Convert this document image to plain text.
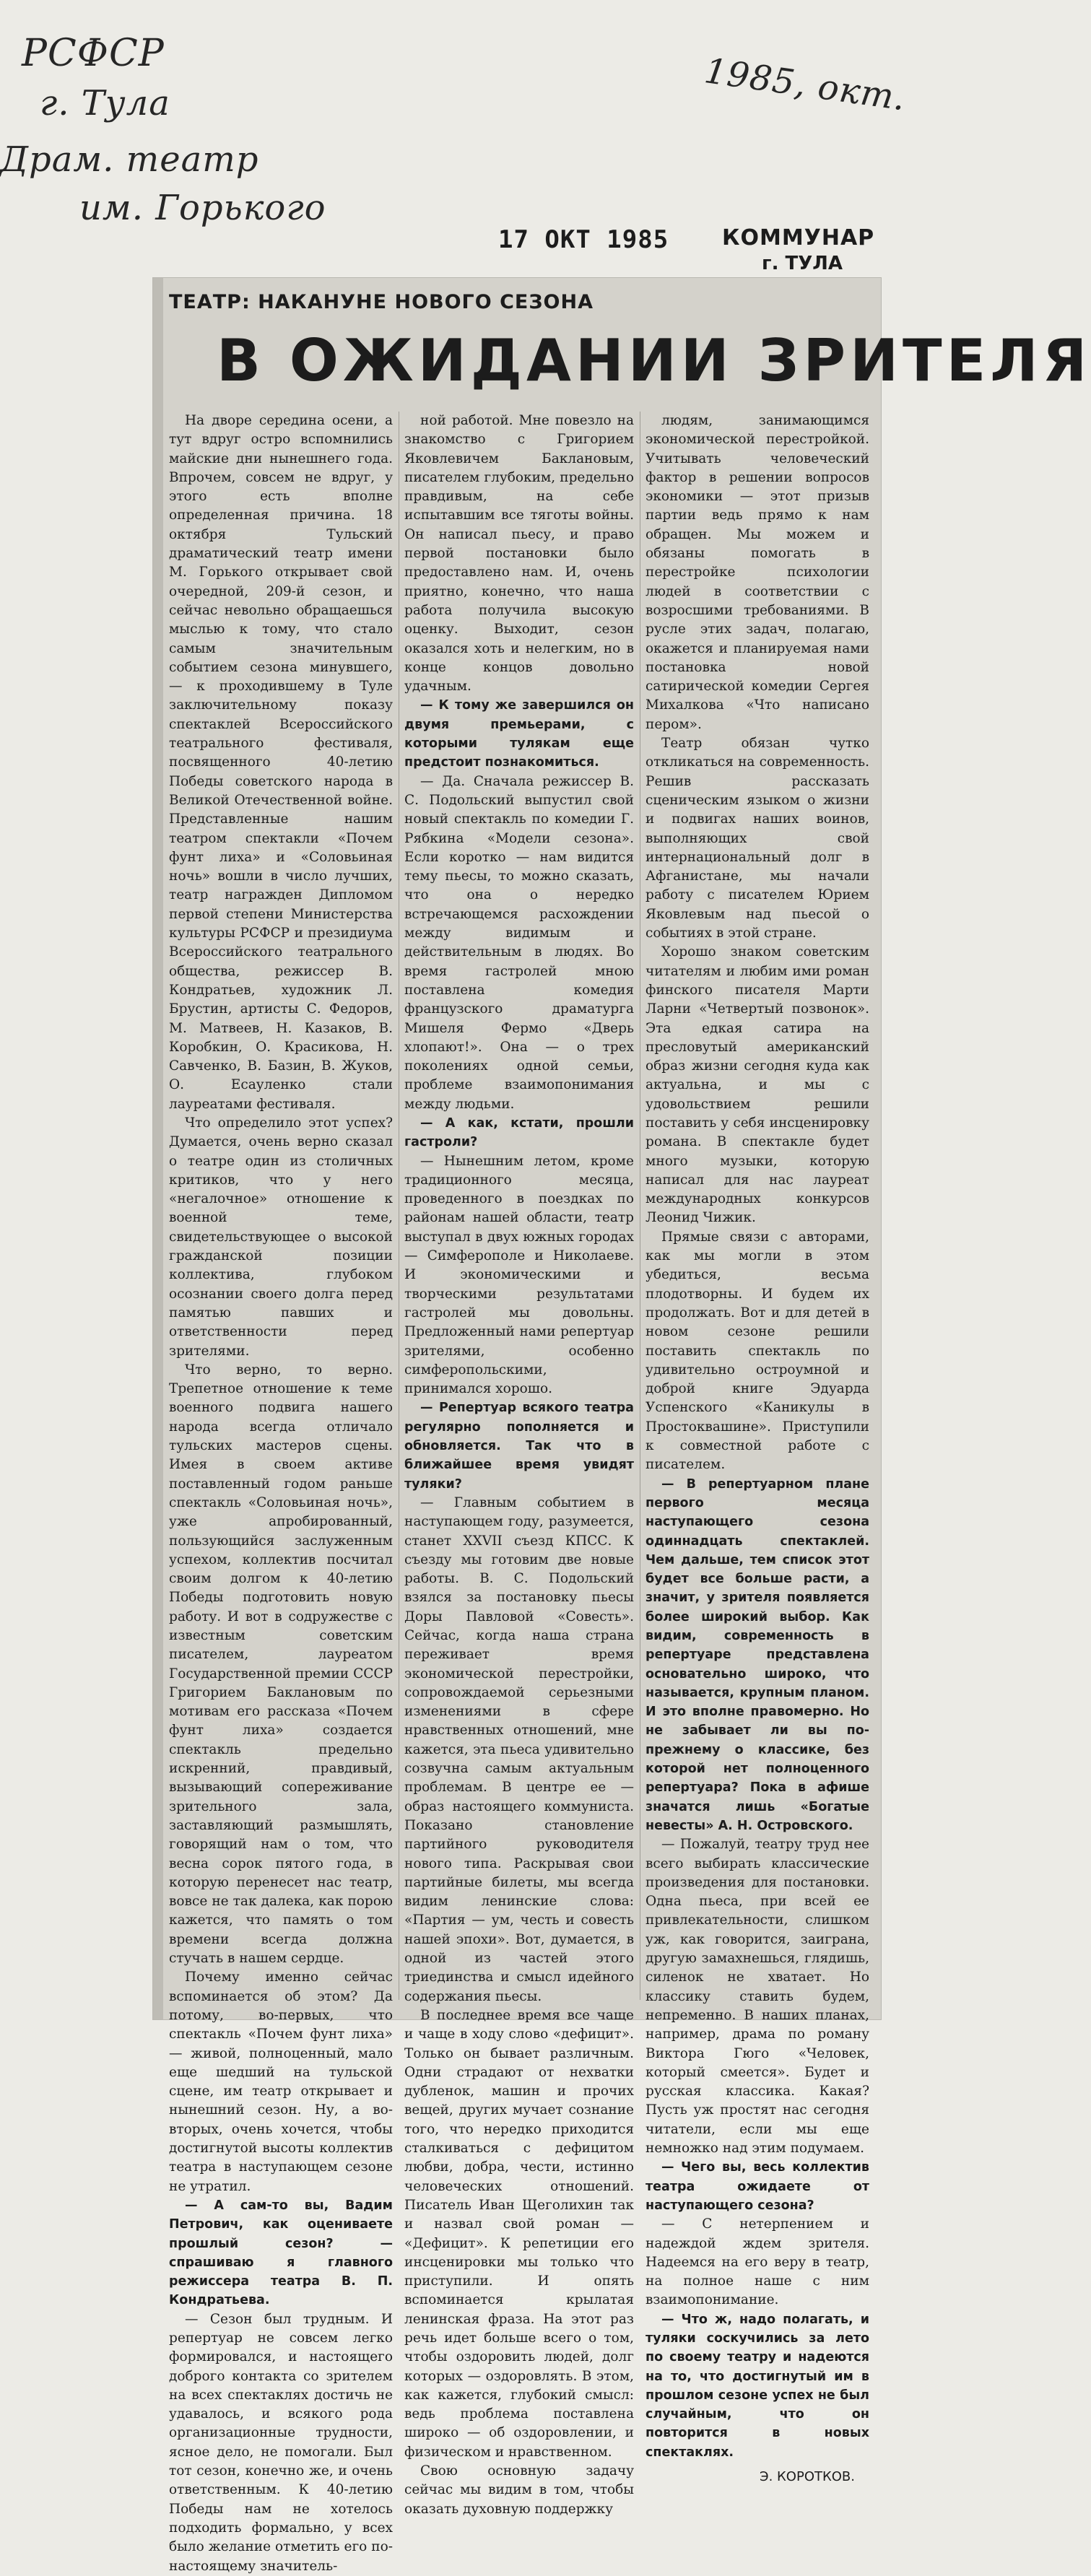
РСФСР
г. Тула
Драм. театр
им. Горького
1985, окт.
17 ОКТ 1985 КОММУНАР
г. ТУЛА
ТЕАТР: НАКАНУНЕ НОВОГО СЕЗОНА
В ОЖИДАНИИ ЗРИТЕЛЯ

На дворе середина осени, а тут вдруг остро вспомнились майские дни нынешнего года. Впрочем, совсем не вдруг, у этого есть вполне определенная причина. 18 октября Тульский драматический театр имени М. Горького открывает свой очередной, 209-й сезон, и сейчас невольно обращаешься мыслью к тому, что стало самым значительным событием сезона минувшего, — к проходившему в Туле заключительному показу спектаклей Всероссийского театрального фестиваля, посвященного 40-летию Победы советского народа в Великой Отечественной войне. Представленные нашим театром спектакли «Почем фунт лиха» и «Соловьиная ночь» вошли в число лучших, театр награжден Дипломом первой степени Министерства культуры РСФСР и президиума Всероссийского театрального общества, режиссер В. Кондратьев, художник Л. Брустин, артисты С. Федоров, М. Матвеев, Н. Казаков, В. Коробкин, О. Красикова, Н. Савченко, В. Базин, В. Жуков, О. Есауленко стали лауреатами фестиваля.

Что определило этот успех? Думается, очень верно сказал о театре один из столичных критиков, что у него «негалочное» отношение к военной теме, свидетельствующее о высокой гражданской позиции коллектива, глубоком осознании своего долга перед памятью павших и ответственности перед зрителями.

Что верно, то верно. Трепетное отношение к теме военного подвига нашего народа всегда отличало тульских мастеров сцены. Имея в своем активе поставленный годом раньше спектакль «Соловьиная ночь», уже апробированный, пользующийся заслуженным успехом, коллектив посчитал своим долгом к 40-летию Победы подготовить новую работу. И вот в содружестве с известным советским писателем, лауреатом Государственной премии СССР Григорием Баклановым по мотивам его рассказа «Почем фунт лиха» создается спектакль предельно искренний, правдивый, вызывающий сопереживание зрительного зала, заставляющий размышлять, говорящий нам о том, что весна сорок пятого года, в которую перенесет нас театр, вовсе не так далека, как порою кажется, что память о том времени всегда должна стучать в нашем сердце.

Почему именно сейчас вспоминается об этом? Да потому, во-первых, что спектакль «Почем фунт лиха» — живой, полноценный, мало еще шедший на тульской сцене, им театр открывает и нынешний сезон. Ну, а во-вторых, очень хочется, чтобы достигнутой высоты коллектив театра в наступающем сезоне не утратил.

— А сам-то вы, Вадим Петрович, как оцениваете прошлый сезон? — спрашиваю я главного режиссера театра В. П. Кондратьева.

— Сезон был трудным. И репертуар не совсем легко формировался, и настоящего доброго контакта со зрителем на всех спектаклях достичь не удавалось, и всякого рода организационные трудности, ясное дело, не помогали. Был тот сезон, конечно же, и очень ответственным. К 40-летию Победы нам не хотелось подходить формально, у всех было желание отметить его по-настоящему значитель-

ной работой. Мне повезло на знакомство с Григорием Яковлевичем Баклановым, писателем глубоким, предельно правдивым, на себе испытавшим все тяготы войны. Он написал пьесу, и право первой постановки было предоставлено нам. И, очень приятно, конечно, что наша работа получила высокую оценку. Выходит, сезон оказался хоть и нелегким, но в конце концов довольно удачным.

— К тому же завершился он двумя премьерами, с которыми тулякам еще предстоит познакомиться.

— Да. Сначала режиссер В. С. Подольский выпустил свой новый спектакль по комедии Г. Рябкина «Модели сезона». Если коротко — нам видится тему пьесы, то можно сказать, что она о нередко встречающемся расхождении между видимым и действительным в людях. Во время гастролей мною поставлена комедия французского драматурга Мишеля Фермо «Дверь хлопают!». Она — о трех поколениях одной семьи, проблеме взаимопонимания между людьми.

— А как, кстати, прошли гастроли?

— Нынешним летом, кроме традиционного месяца, проведенного в поездках по районам нашей области, театр выступал в двух южных городах — Симферополе и Николаеве. И экономическими и творческими результатами гастролей мы довольны. Предложенный нами репертуар зрителями, особенно симферопольскими, принимался хорошо.

— Репертуар всякого театра регулярно пополняется и обновляется. Так что в ближайшее время увидят туляки?

— Главным событием в наступающем году, разумеется, станет XXVII съезд КПСС. К съезду мы готовим две новые работы. В. С. Подольский взялся за постановку пьесы Доры Павловой «Совесть». Сейчас, когда наша страна переживает время экономической перестройки, сопровождаемой серьезными изменениями в сфере нравственных отношений, мне кажется, эта пьеса удивительно созвучна самым актуальным проблемам. В центре ее — образ настоящего коммуниста. Показано становление партийного руководителя нового типа. Раскрывая свои партийные билеты, мы всегда видим ленинские слова: «Партия — ум, честь и совесть нашей эпохи». Вот, думается, в одной из частей этого триединства и смысл идейного содержания пьесы.

В последнее время все чаще и чаще в ходу слово «дефицит». Только он бывает различным. Одни страдают от нехватки дубленок, машин и прочих вещей, других мучает сознание того, что нередко приходится сталкиваться с дефицитом любви, добра, чести, истинно человеческих отношений. Писатель Иван Щеголихин так и назвал свой роман — «Дефицит». К репетиции его инсценировки мы только что приступили. И опять вспоминается крылатая ленинская фраза. На этот раз речь идет больше всего о том, чтобы оздоровить людей, долг которых — оздоровлять. В этом, как кажется, глубокий смысл: ведь проблема поставлена широко — об оздоровлении, и физическом и нравственном.

Свою основную задачу сейчас мы видим в том, чтобы оказать духовную поддержку

людям, занимающимся экономической перестройкой. Учитывать человеческий фактор в решении вопросов экономики — этот призыв партии ведь прямо к нам обращен. Мы можем и обязаны помогать в перестройке психологии людей в соответствии с возросшими требованиями. В русле этих задач, полагаю, окажется и планируемая нами постановка новой сатирической комедии Сергея Михалкова «Что написано пером».

Театр обязан чутко откликаться на современность. Решив рассказать сценическим языком о жизни и подвигах наших воинов, выполняющих свой интернациональный долг в Афганистане, мы начали работу с писателем Юрием Яковлевым над пьесой о событиях в этой стране.

Хорошо знаком советским читателям и любим ими роман финского писателя Марти Ларни «Четвертый позвонок». Эта едкая сатира на пресловутый американский образ жизни сегодня куда как актуальна, и мы с удовольствием решили поставить у себя инсценировку романа. В спектакле будет много музыки, которую написал для нас лауреат международных конкурсов Леонид Чижик.

Прямые связи с авторами, как мы могли в этом убедиться, весьма плодотворны. И будем их продолжать. Вот и для детей в новом сезоне решили поставить спектакль по удивительно остроумной и доброй книге Эдуарда Успенского «Каникулы в Простоквашине». Приступили к совместной работе с писателем.

— В репертуарном плане первого месяца наступающего сезона одиннадцать спектаклей. Чем дальше, тем список этот будет все больше расти, а значит, у зрителя появляется более широкий выбор. Как видим, современность в репертуаре представлена основательно широко, что называется, крупным планом. И это вполне правомерно. Но не забывает ли вы по-прежнему о классике, без которой нет полноценного репертуара? Пока в афише значатся лишь «Богатые невесты» А. Н. Островского.

— Пожалуй, театру труд нее всего выбирать классические произведения для постановки. Одна пьеса, при всей ее привлекательности, слишком уж, как говорится, заиграна, другую замахнешься, глядишь, силенок не хватает. Но классику ставить будем, непременно. В наших планах, например, драма по роману Виктора Гюго «Человек, который смеется». Будет и русская классика. Какая? Пусть уж простят нас сегодня читатели, если мы еще немножко над этим подумаем.

— Чего вы, весь коллектив театра ожидаете от наступающего сезона?

— С нетерпением и надеждой ждем зрителя. Надеемся на его веру в театр, на полное наше с ним взаимопонимание.

— Что ж, надо полагать, и туляки соскучились за лето по своему театру и надеются на то, что достигнутый им в прошлом сезоне успех не был случайным, что он повторится в новых спектаклях.

Э. КОРОТКОВ.
